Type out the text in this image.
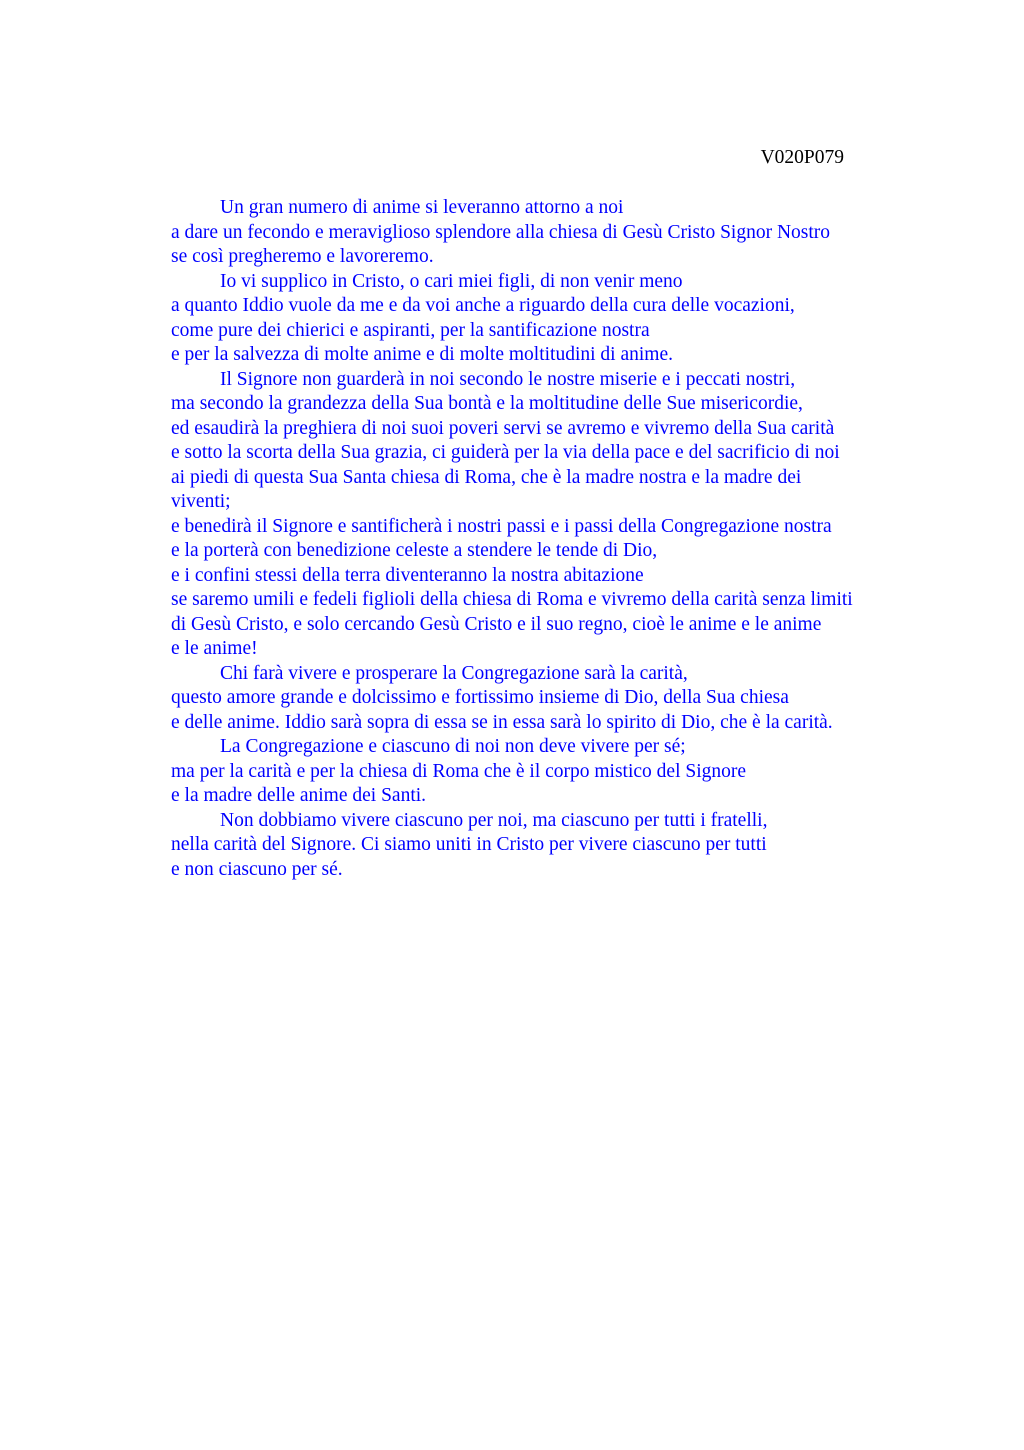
V020P079
Un gran numero di anime si leveranno attorno a noi
a dare un fecondo e meraviglioso splendore alla chiesa di Gesù Cristo Signor Nostro
se così pregheremo e lavoreremo.
Io vi supplico in Cristo, o cari miei figli, di non venir meno
a quanto Iddio vuole da me e da voi anche a riguardo della cura delle vocazioni,
come pure dei chierici e aspiranti, per la santificazione nostra
e per la salvezza di molte anime e di molte moltitudini di anime.
Il Signore non guarderà in noi secondo le nostre miserie e i peccati nostri,
ma secondo la grandezza della Sua bontà e la moltitudine delle Sue misericordie,
ed esaudirà la preghiera di noi suoi poveri servi se avremo e vivremo della Sua carità
e sotto la scorta della Sua grazia, ci guiderà per la via della pace e del sacrificio di noi
ai piedi di questa Sua Santa chiesa di Roma, che è la madre nostra e la madre dei
viventi;
e benedirà il Signore e santificherà i nostri passi e i passi della Congregazione nostra
e la porterà con benedizione celeste a stendere le tende di Dio,
e i confini stessi della terra diventeranno la nostra abitazione
se saremo umili e fedeli figlioli della chiesa di Roma e vivremo della carità senza limiti
di Gesù Cristo, e solo cercando Gesù Cristo e il suo regno, cioè le anime e le anime
e le anime!
Chi farà vivere e prosperare la Congregazione sarà la carità,
questo amore grande e dolcissimo e fortissimo insieme di Dio, della Sua chiesa
e delle anime. Iddio sarà sopra di essa se in essa sarà lo spirito di Dio, che è la carità.
La Congregazione e ciascuno di noi non deve vivere per sé;
ma per la carità e per la chiesa di Roma che è il corpo mistico del Signore
e la madre delle anime dei Santi.
Non dobbiamo vivere ciascuno per noi, ma ciascuno per tutti i fratelli,
nella carità del Signore. Ci siamo uniti in Cristo per vivere ciascuno per tutti
e non ciascuno per sé.
